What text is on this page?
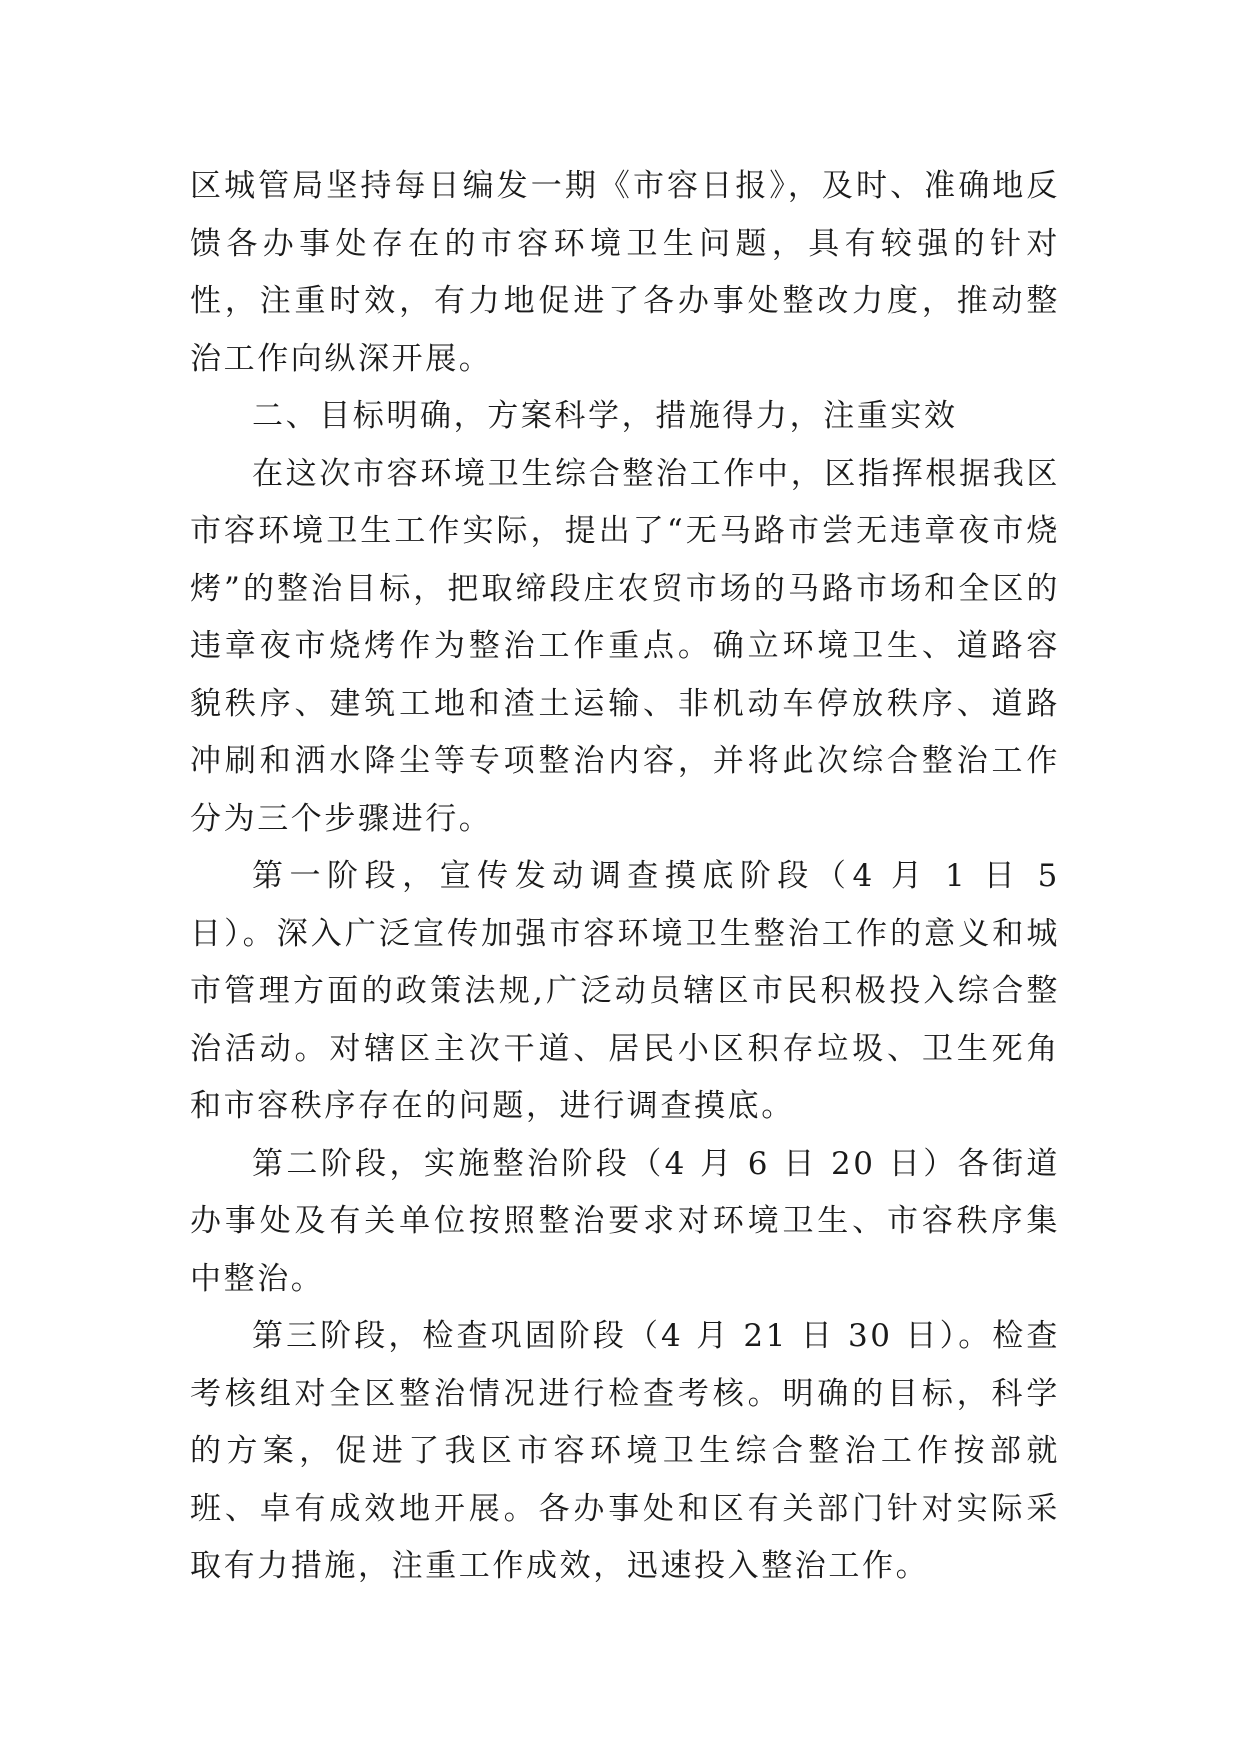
区城管局坚持每日编发一期《市容日报》，及时、准确地反馈各办事处存在的市容环境卫生问题，具有较强的针对性，注重时效，有力地促进了各办事处整改力度，推动整治工作向纵深开展。

二、目标明确，方案科学，措施得力，注重实效

在这次市容环境卫生综合整治工作中，区指挥根据我区市容环境卫生工作实际，提出了“无马路市尝无违章夜市烧烤”的整治目标，把取缔段庄农贸市场的马路市场和全区的违章夜市烧烤作为整治工作重点。确立环境卫生、道路容貌秩序、建筑工地和渣土运输、非机动车停放秩序、道路冲刷和洒水降尘等专项整治内容，并将此次综合整治工作分为三个步骤进行。

第一阶段，宣传发动调查摸底阶段（4 月 1 日 5 日）。深入广泛宣传加强市容环境卫生整治工作的意义和城市管理方面的政策法规,广泛动员辖区市民积极投入综合整治活动。对辖区主次干道、居民小区积存垃圾、卫生死角和市容秩序存在的问题，进行调查摸底。

第二阶段，实施整治阶段（4 月 6 日 20 日）各街道办事处及有关单位按照整治要求对环境卫生、市容秩序集中整治。

第三阶段，检查巩固阶段（4 月 21 日 30 日）。检查考核组对全区整治情况进行检查考核。明确的目标，科学的方案，促进了我区市容环境卫生综合整治工作按部就班、卓有成效地开展。各办事处和区有关部门针对实际采取有力措施，注重工作成效，迅速投入整治工作。
